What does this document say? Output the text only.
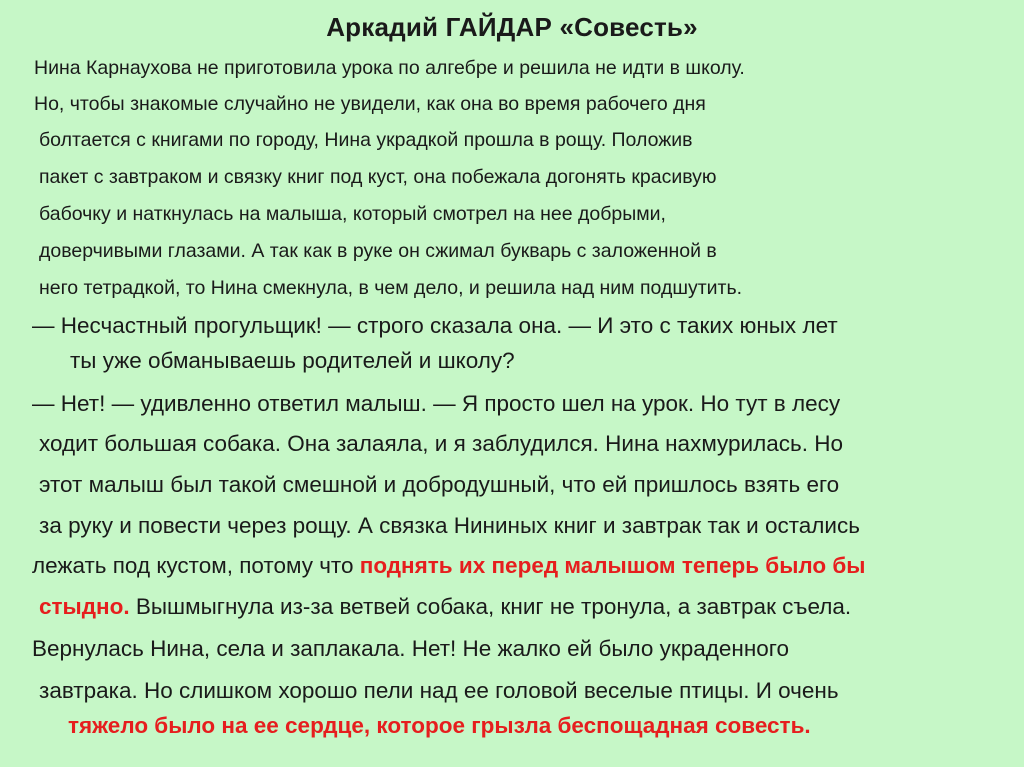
Аркадий ГАЙДАР «Совесть»
Нина Карнаухова не приготовила урока по алгебре и решила не идти в школу.
Но, чтобы знакомые случайно не увидели, как она во время рабочего дня
болтается с книгами по городу, Нина украдкой прошла в рощу. Положив
пакет с завтраком и связку книг под куст, она побежала догонять красивую
бабочку и наткнулась на малыша, который смотрел на нее добрыми,
доверчивыми глазами. А так как в руке он сжимал букварь с заложенной в
него тетрадкой, то Нина смекнула, в чем дело, и решила над ним подшутить.
— Несчастный прогульщик! — строго сказала она. — И это с таких юных лет
ты уже обманываешь родителей и школу?
— Нет! — удивленно ответил малыш. — Я просто шел на урок. Но тут в лесу
ходит большая собака. Она залаяла, и я заблудился. Нина нахмурилась. Но
этот малыш был такой смешной и добродушный, что ей пришлось взять его
за руку и повести через рощу. А связка Нининых книг и завтрак так и остались
лежать под кустом, потому что поднять их перед малышом теперь было бы
стыдно. Вышмыгнула из-за ветвей собака, книг не тронула, а завтрак съела.
Вернулась Нина, села и заплакала. Нет! Не жалко ей было украденного
завтрака. Но слишком хорошо пели над ее головой веселые птицы. И очень
тяжело было на ее сердце, которое грызла беспощадная совесть.
